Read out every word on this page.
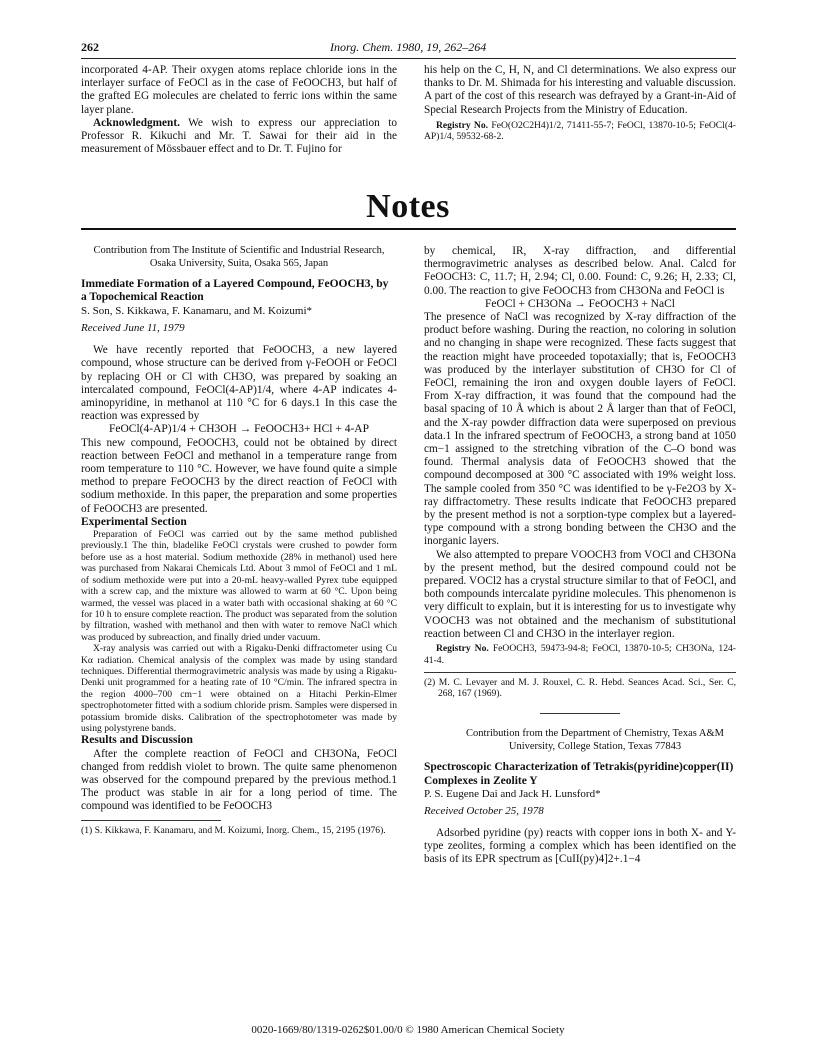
262	Inorg. Chem. 1980, 19, 262–264

incorporated 4-AP. Their oxygen atoms replace chloride ions in the interlayer surface of FeOCl as in the case of FeOOCH3, but half of the grafted EG molecules are chelated to ferric ions within the same layer plane.

Acknowledgment. We wish to express our appreciation to Professor R. Kikuchi and Mr. T. Sawai for their aid in the measurement of Mössbauer effect and to Dr. T. Fujino for

his help on the C, H, N, and Cl determinations. We also express our thanks to Dr. M. Shimada for his interesting and valuable discussion. A part of the cost of this research was defrayed by a Grant-in-Aid of Special Research Projects from the Ministry of Education.

Registry No. FeO(O2C2H4)1/2, 71411-55-7; FeOCl, 13870-10-5; FeOCl(4-AP)1/4, 59532-68-2.

Notes

Contribution from The Institute of Scientific and Industrial Research, Osaka University, Suita, Osaka 565, Japan

Immediate Formation of a Layered Compound, FeOOCH3, by a Topochemical Reaction

S. Son, S. Kikkawa, F. Kanamaru, and M. Koizumi*

Received June 11, 1979

We have recently reported that FeOOCH3, a new layered compound, whose structure can be derived from γ-FeOOH or FeOCl by replacing OH or Cl with CH3O, was prepared by soaking an intercalated compound, FeOCl(4-AP)1/4, where 4-AP indicates 4-aminopyridine, in methanol at 110 °C for 6 days.1 In this case the reaction was expressed by

FeOCl(4-AP)1/4 + CH3OH → FeOOCH3+ HCl + 4-AP

This new compound, FeOOCH3, could not be obtained by direct reaction between FeOCl and methanol in a temperature range from room temperature to 110 °C. However, we have found quite a simple method to prepare FeOOCH3 by the direct reaction of FeOCl with sodium methoxide. In this paper, the preparation and some properties of FeOOCH3 are presented.

Experimental Section

Preparation of FeOCl was carried out by the same method published previously.1 The thin, bladelike FeOCl crystals were crushed to powder form before use as a host material. Sodium methoxide (28% in methanol) used here was purchased from Nakarai Chemicals Ltd. About 3 mmol of FeOCl and 1 mL of sodium methoxide were put into a 20-mL heavy-walled Pyrex tube equipped with a screw cap, and the mixture was allowed to warm at 60 °C. Upon being warmed, the vessel was placed in a water bath with occasional shaking at 60 °C for 10 h to ensure complete reaction. The product was separated from the solution by filtration, washed with methanol and then with water to remove NaCl which was produced by subreaction, and finally dried under vacuum.

X-ray analysis was carried out with a Rigaku-Denki diffractometer using Cu Kα radiation. Chemical analysis of the complex was made by using standard techniques. Differential thermogravimetric analysis was made by using a Rigaku-Denki unit programmed for a heating rate of 10 °C/min. The infrared spectra in the region 4000–700 cm−1 were obtained on a Hitachi Perkin-Elmer spectrophotometer fitted with a sodium chloride prism. Samples were dispersed in potassium bromide disks. Calibration of the spectrophotometer was made by using polystyrene bands.

Results and Discussion

After the complete reaction of FeOCl and CH3ONa, FeOCl changed from reddish violet to brown. The quite same phenomenon was observed for the compound prepared by the previous method.1 The product was stable in air for a long period of time. The compound was identified to be FeOOCH3

(1) S. Kikkawa, F. Kanamaru, and M. Koizumi, Inorg. Chem., 15, 2195 (1976).

by chemical, IR, X-ray diffraction, and differential thermogravimetric analyses as described below. Anal. Calcd for FeOOCH3: C, 11.7; H, 2.94; Cl, 0.00. Found: C, 9.26; H, 2.33; Cl, 0.00. The reaction to give FeOOCH3 from CH3ONa and FeOCl is

FeOCl + CH3ONa → FeOOCH3 + NaCl

The presence of NaCl was recognized by X-ray diffraction of the product before washing. During the reaction, no coloring in solution and no changing in shape were recognized. These facts suggest that the reaction might have proceeded topotaxially; that is, FeOOCH3 was produced by the interlayer substitution of CH3O for Cl of FeOCl, remaining the iron and oxygen double layers of FeOCl. From X-ray diffraction, it was found that the compound had the basal spacing of 10 Å which is about 2 Å larger than that of FeOCl, and the X-ray powder diffraction data were superposed on previous data.1 In the infrared spectrum of FeOOCH3, a strong band at 1050 cm−1 assigned to the stretching vibration of the C–O bond was found. Thermal analysis data of FeOOCH3 showed that the compound decomposed at 300 °C associated with 19% weight loss. The sample cooled from 350 °C was identified to be γ-Fe2O3 by X-ray diffractometry. These results indicate that FeOOCH3 prepared by the present method is not a sorption-type complex but a layered-type compound with a strong bonding between the CH3O and the inorganic layers.

We also attempted to prepare VOOCH3 from VOCl and CH3ONa by the present method, but the desired compound could not be prepared. VOCl2 has a crystal structure similar to that of FeOCl, and both compounds intercalate pyridine molecules. This phenomenon is very difficult to explain, but it is interesting for us to investigate why VOOCH3 was not obtained and the mechanism of substitutional reaction between Cl and CH3O in the interlayer region.

Registry No. FeOOCH3, 59473-94-8; FeOCl, 13870-10-5; CH3ONa, 124-41-4.

(2) M. C. Levayer and M. J. Rouxel, C. R. Hebd. Seances Acad. Sci., Ser. C, 268, 167 (1969).

Contribution from the Department of Chemistry, Texas A&M University, College Station, Texas 77843

Spectroscopic Characterization of Tetrakis(pyridine)copper(II) Complexes in Zeolite Y

P. S. Eugene Dai and Jack H. Lunsford*

Received October 25, 1978

Adsorbed pyridine (py) reacts with copper ions in both X- and Y-type zeolites, forming a complex which has been identified on the basis of its EPR spectrum as [CuII(py)4]2+.1−4

0020-1669/80/1319-0262$01.00/0 © 1980 American Chemical Society
